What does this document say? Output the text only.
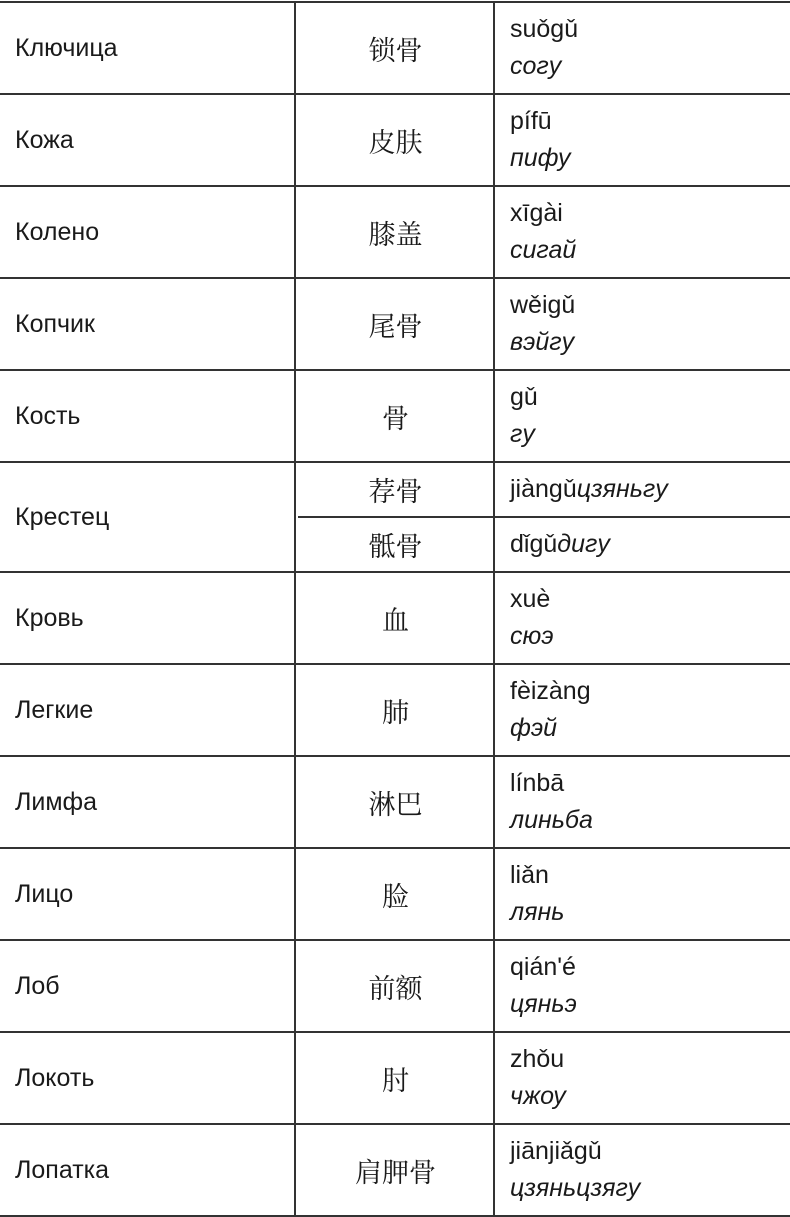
Ключица	锁骨
suǒgǔ
согу
Кожа	皮肤
pífū
пифу
Колено	膝盖
xīgài
сигай
Копчик	尾骨
wěigǔ
вэйгу
Кость	骨
gǔ
гу
Крестец
荐骨	jiàngǔ цзяньгу
骶骨	dǐgǔ дигу
Кровь	血
xuè
сюэ
Легкие	肺
fèizàng
фэй
Лимфа	淋巴
línbā
линьба
Лицо	脸
liǎn
лянь
Лоб	前额
qián'é
цяньэ
Локоть	肘
zhǒu
чжоу
Лопатка	肩胛骨
jiānjiǎgǔ
цзяньцзягу
